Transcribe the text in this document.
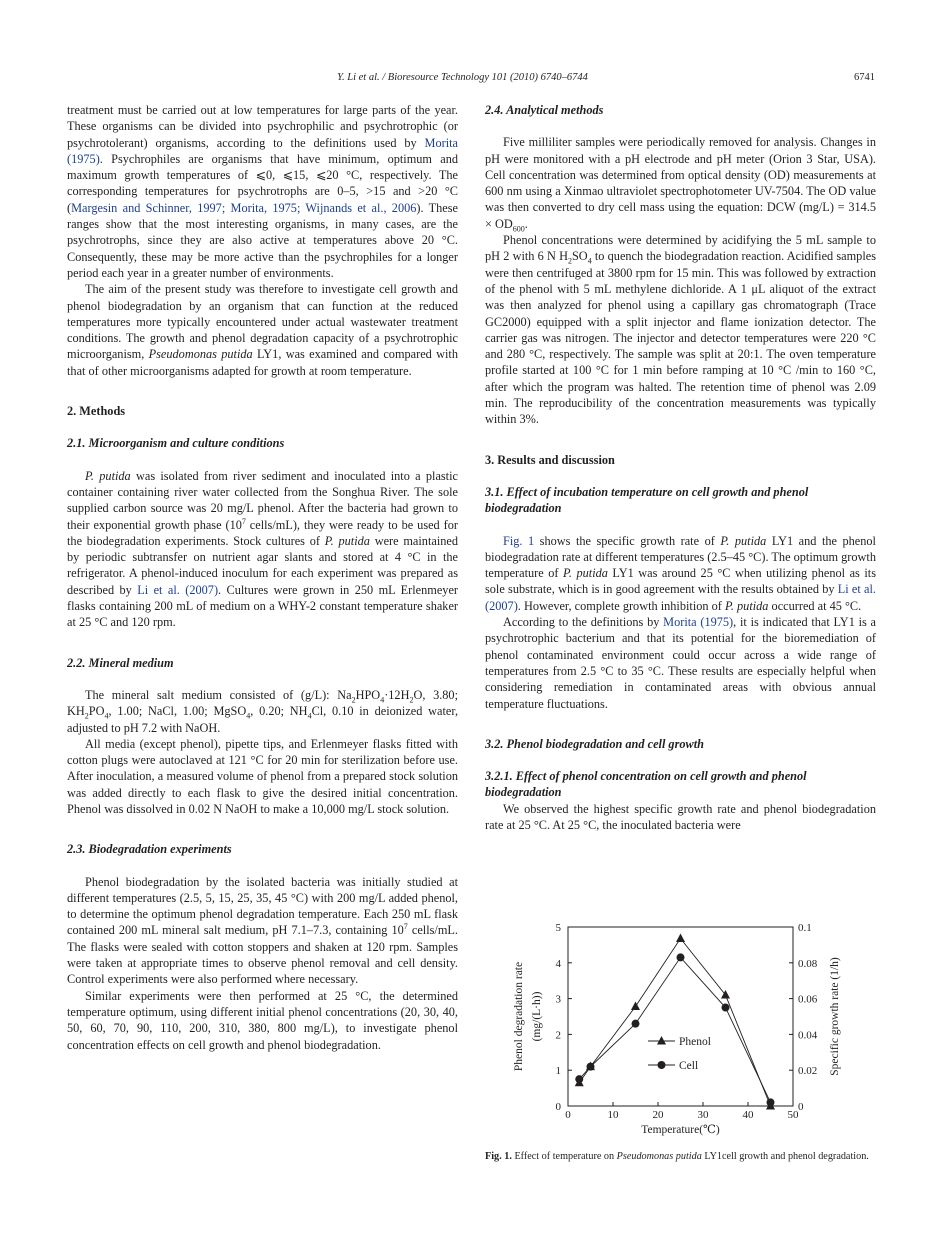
Y. Li et al. / Bioresource Technology 101 (2010) 6740–6744	6741

treatment must be carried out at low temperatures for large parts of the year. These organisms can be divided into psychrophilic and psychrotrophic (or psychrotolerant) organisms, according to the definitions used by Morita (1975). Psychrophiles are organisms that have minimum, optimum and maximum growth temperatures of ⩽0, ⩽15, ⩽20 °C, respectively. The corresponding temperatures for psychrotrophs are 0–5, >15 and >20 °C (Margesin and Schinner, 1997; Morita, 1975; Wijnands et al., 2006). These ranges show that the most interesting organisms, in many cases, are the psychrotrophs, since they are also active at temperatures above 20 °C. Consequently, these may be more active than the psychrophiles for a longer period each year in a greater number of environments.

The aim of the present study was therefore to investigate cell growth and phenol biodegradation by an organism that can function at the reduced temperatures more typically encountered under actual wastewater treatment conditions. The growth and phenol degradation capacity of a psychrotrophic microorganism, Pseudomonas putida LY1, was examined and compared with that of other microorganisms adapted for growth at room temperature.

2. Methods
2.1. Microorganism and culture conditions

P. putida was isolated from river sediment and inoculated into a plastic container containing river water collected from the Songhua River. The sole supplied carbon source was 20 mg/L phenol. After the bacteria had grown to their exponential growth phase ($10^7$ cells/mL), they were ready to be used for the biodegradation experiments. Stock cultures of P. putida were maintained by periodic subtransfer on nutrient agar slants and stored at 4 °C in the refrigerator. A phenol-induced inoculum for each experiment was prepared as described by Li et al. (2007). Cultures were grown in 250 mL Erlenmeyer flasks containing 200 mL of medium on a WHY-2 constant temperature shaker at 25 °C and 120 rpm.

2.2. Mineral medium

The mineral salt medium consisted of (g/L): $Na_2HPO_4\cdot 12H_2O$, 3.80; $KH_2PO_4$, 1.00; NaCl, 1.00; MgSO$_4$, 0.20; $NH_4Cl$, 0.10 in deionized water, adjusted to pH 7.2 with NaOH.

All media (except phenol), pipette tips, and Erlenmeyer flasks fitted with cotton plugs were autoclaved at 121 °C for 20 min for sterilization before use. After inoculation, a measured volume of phenol from a prepared stock solution was added directly to each flask to give the desired initial concentration. Phenol was dissolved in 0.02 N NaOH to make a 10,000 mg/L stock solution.

2.3. Biodegradation experiments

Phenol biodegradation by the isolated bacteria was initially studied at different temperatures (2.5, 5, 15, 25, 35, 45 °C) with 200 mg/L added phenol, to determine the optimum phenol degradation temperature. Each 250 mL flask contained 200 mL mineral salt medium, pH 7.1–7.3, containing $10^7$ cells/mL. The flasks were sealed with cotton stoppers and shaken at 120 rpm. Samples were taken at appropriate times to observe phenol removal and cell density. Control experiments were also performed where necessary.

Similar experiments were then performed at 25 °C, the determined temperature optimum, using different initial phenol concentrations (20, 30, 40, 50, 60, 70, 90, 110, 200, 310, 380, 800 mg/L), to investigate phenol concentration effects on cell growth and phenol biodegradation.

2.4. Analytical methods

Five milliliter samples were periodically removed for analysis. Changes in pH were monitored with a pH electrode and pH meter (Orion 3 Star, USA). Cell concentration was determined from optical density (OD) measurements at 600 nm using a Xinmao ultraviolet spectrophotometer UV-7504. The OD value was then converted to dry cell mass using the equation: DCW $(mg/L) = 314.5 \times OD_{600}$.

Phenol concentrations were determined by acidifying the 5 mL sample to pH 2 with 6 N $H_2SO_4$ to quench the biodegradation reaction. Acidified samples were then centrifuged at 3800 rpm for 15 min. This was followed by extraction of the phenol with 5 mL methylene dichloride. A 1 μL aliquot of the extract was then analyzed for phenol using a capillary gas chromatograph (Trace GC2000) equipped with a split injector and flame ionization detector. The carrier gas was nitrogen. The injector and detector temperatures were 220 °C and 280 °C, respectively. The sample was split at 20:1. The oven temperature profile started at 100 °C for 1 min before ramping at 10 °C /min to 160 °C, after which the program was halted. The retention time of phenol was 2.09 min. The reproducibility of the concentration measurements was typically within 3%.

3. Results and discussion
3.1. Effect of incubation temperature on cell growth and phenol biodegradation

Fig. 1 shows the specific growth rate of P. putida LY1 and the phenol biodegradation rate at different temperatures (2.5–45 °C). The optimum growth temperature of P. putida LY1 was around 25 °C when utilizing phenol as its sole substrate, which is in good agreement with the results obtained by Li et al. (2007). However, complete growth inhibition of P. putida occurred at 45 °C.

According to the definitions by Morita (1975), it is indicated that LY1 is a psychrotrophic bacterium and that its potential for the bioremediation of phenol contaminated environment could occur across a wide range of temperatures from 2.5 °C to 35 °C. These results are especially helpful when considering remediation in contaminated areas with obvious annual temperature fluctuations.

3.2. Phenol biodegradation and cell growth
3.2.1. Effect of phenol concentration on cell growth and phenol biodegradation

We observed the highest specific growth rate and phenol biodegradation rate at 25 °C. At 25 °C, the inoculated bacteria were

0	10	20	30	40	50
0
1
2
3
4
5
0
0.02
0.04
0.06
0.08
0.1
Temperature(℃)
Phenol degradation rate (mg/(L·h))	Specific growth rate (1/h)
Phenol
Cell
Fig. 1. Effect of temperature on Pseudomonas putida LY1cell growth and phenol degradation.
